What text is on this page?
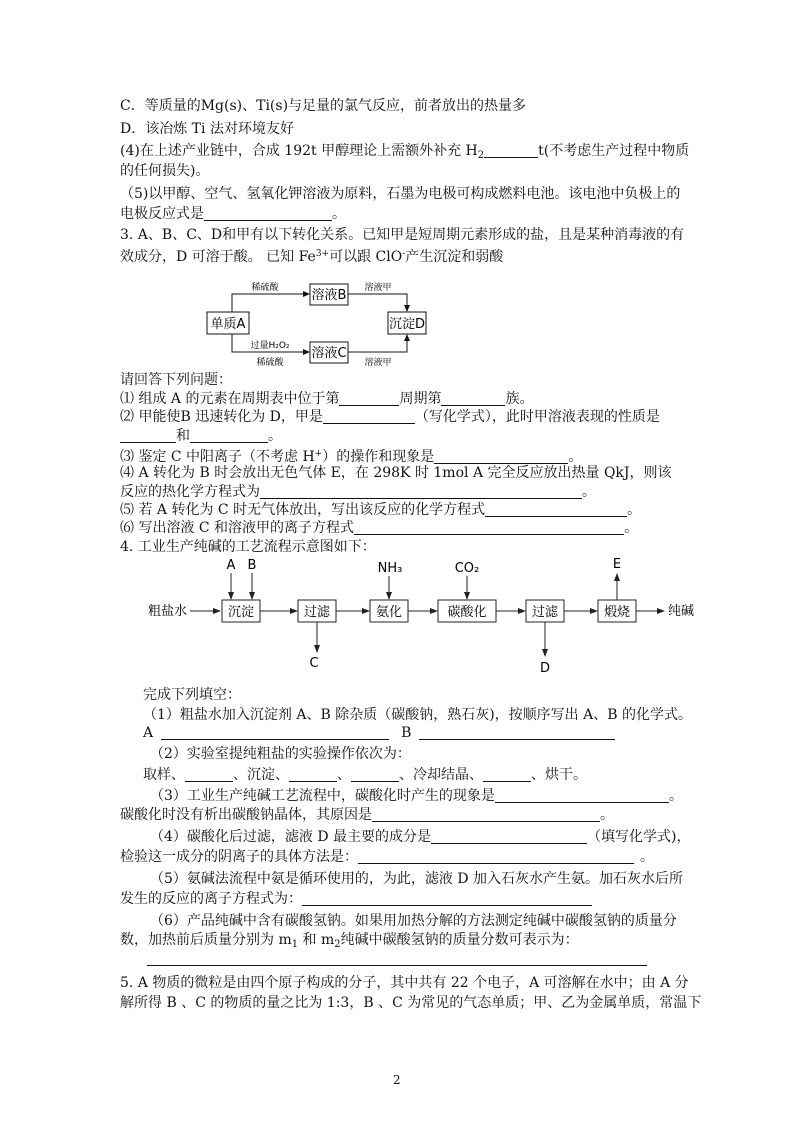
C．等质量的Mg(s)、Ti(s)与足量的氯气反应，前者放出的热量多
D．该冶炼 Ti 法对环境友好
(4)在上述产业链中，合成 192t 甲醇理论上需额外补充 $H_2$	t(不考虑生产过程中物质
的任何损失)。
（5)以甲醇、空气、氢氧化钾溶液为原料，石墨为电极可构成燃料电池。该电池中负极上的
电极反应式是	。
3. A、B、C、D和甲有以下转化关系。已知甲是短周期元素形成的盐，且是某种消毒液的有
效成分，D 可溶于酸。 已知 $Fe^{3+}$可以跟 ClO-产生沉淀和弱酸
单质A
溶液B
溶液C
沉淀D
稀硫酸	溶液甲
过量H₂O₂
稀硫酸	溶液甲
请回答下列问题：
⑴ 组成 A 的元素在周期表中位于第	周期第	族。
⑵ 甲能使B 迅速转化为 D，甲是	（写化学式），此时甲溶液表现的性质是
和	。
⑶ 鉴定 C 中阳离子（不考虑 H+）的操作和现象是	。
⑷ A 转化为 B 时会放出无色气体 E，在 298K 时 1mol A 完全反应放出热量 QkJ，则该
反应的热化学方程式为	。
⑸ 若 A 转化为 C 时无气体放出，写出该反应的化学方程式	。
⑹ 写出溶液 C 和溶液甲的离子方程式	。
4. 工业生产纯碱的工艺流程示意图如下：
粗盐水	沉淀	过滤	氨化	碳酸化	过滤	煅烧	纯碱
A B	NH₃	CO₂
C	D
E
完成下列填空：
（1）粗盐水加入沉淀剂 A、B 除杂质（碳酸钠，熟石灰)，按顺序写出 A、B 的化学式。
A	B
（2）实验室提纯粗盐的实验操作依次为：
取样、	、沉淀、	、	、冷却结晶、	、烘干。
（3）工业生产纯碱工艺流程中，碳酸化时产生的现象是	。
碳酸化时没有析出碳酸钠晶体，其原因是	。
（4）碳酸化后过滤，滤液 D 最主要的成分是	（填写化学式)，
检验这一成分的阴离子的具体方法是：	。
（5）氨碱法流程中氨是循环使用的，为此，滤液 D 加入石灰水产生氨。加石灰水后所
发生的反应的离子方程式为：
（6）产品纯碱中含有碳酸氢钠。如果用加热分解的方法测定纯碱中碳酸氢钠的质量分
数，加热前后质量分别为 $m_1$ 和 $m_2$纯碱中碳酸氢钠的质量分数可表示为：
5. A 物质的微粒是由四个原子构成的分子，其中共有 22 个电子，A 可溶解在水中；由 A 分
解所得 B 、C 的物质的量之比为 1:3，B 、C 为常见的气态单质；甲、乙为金属单质，常温下
2
